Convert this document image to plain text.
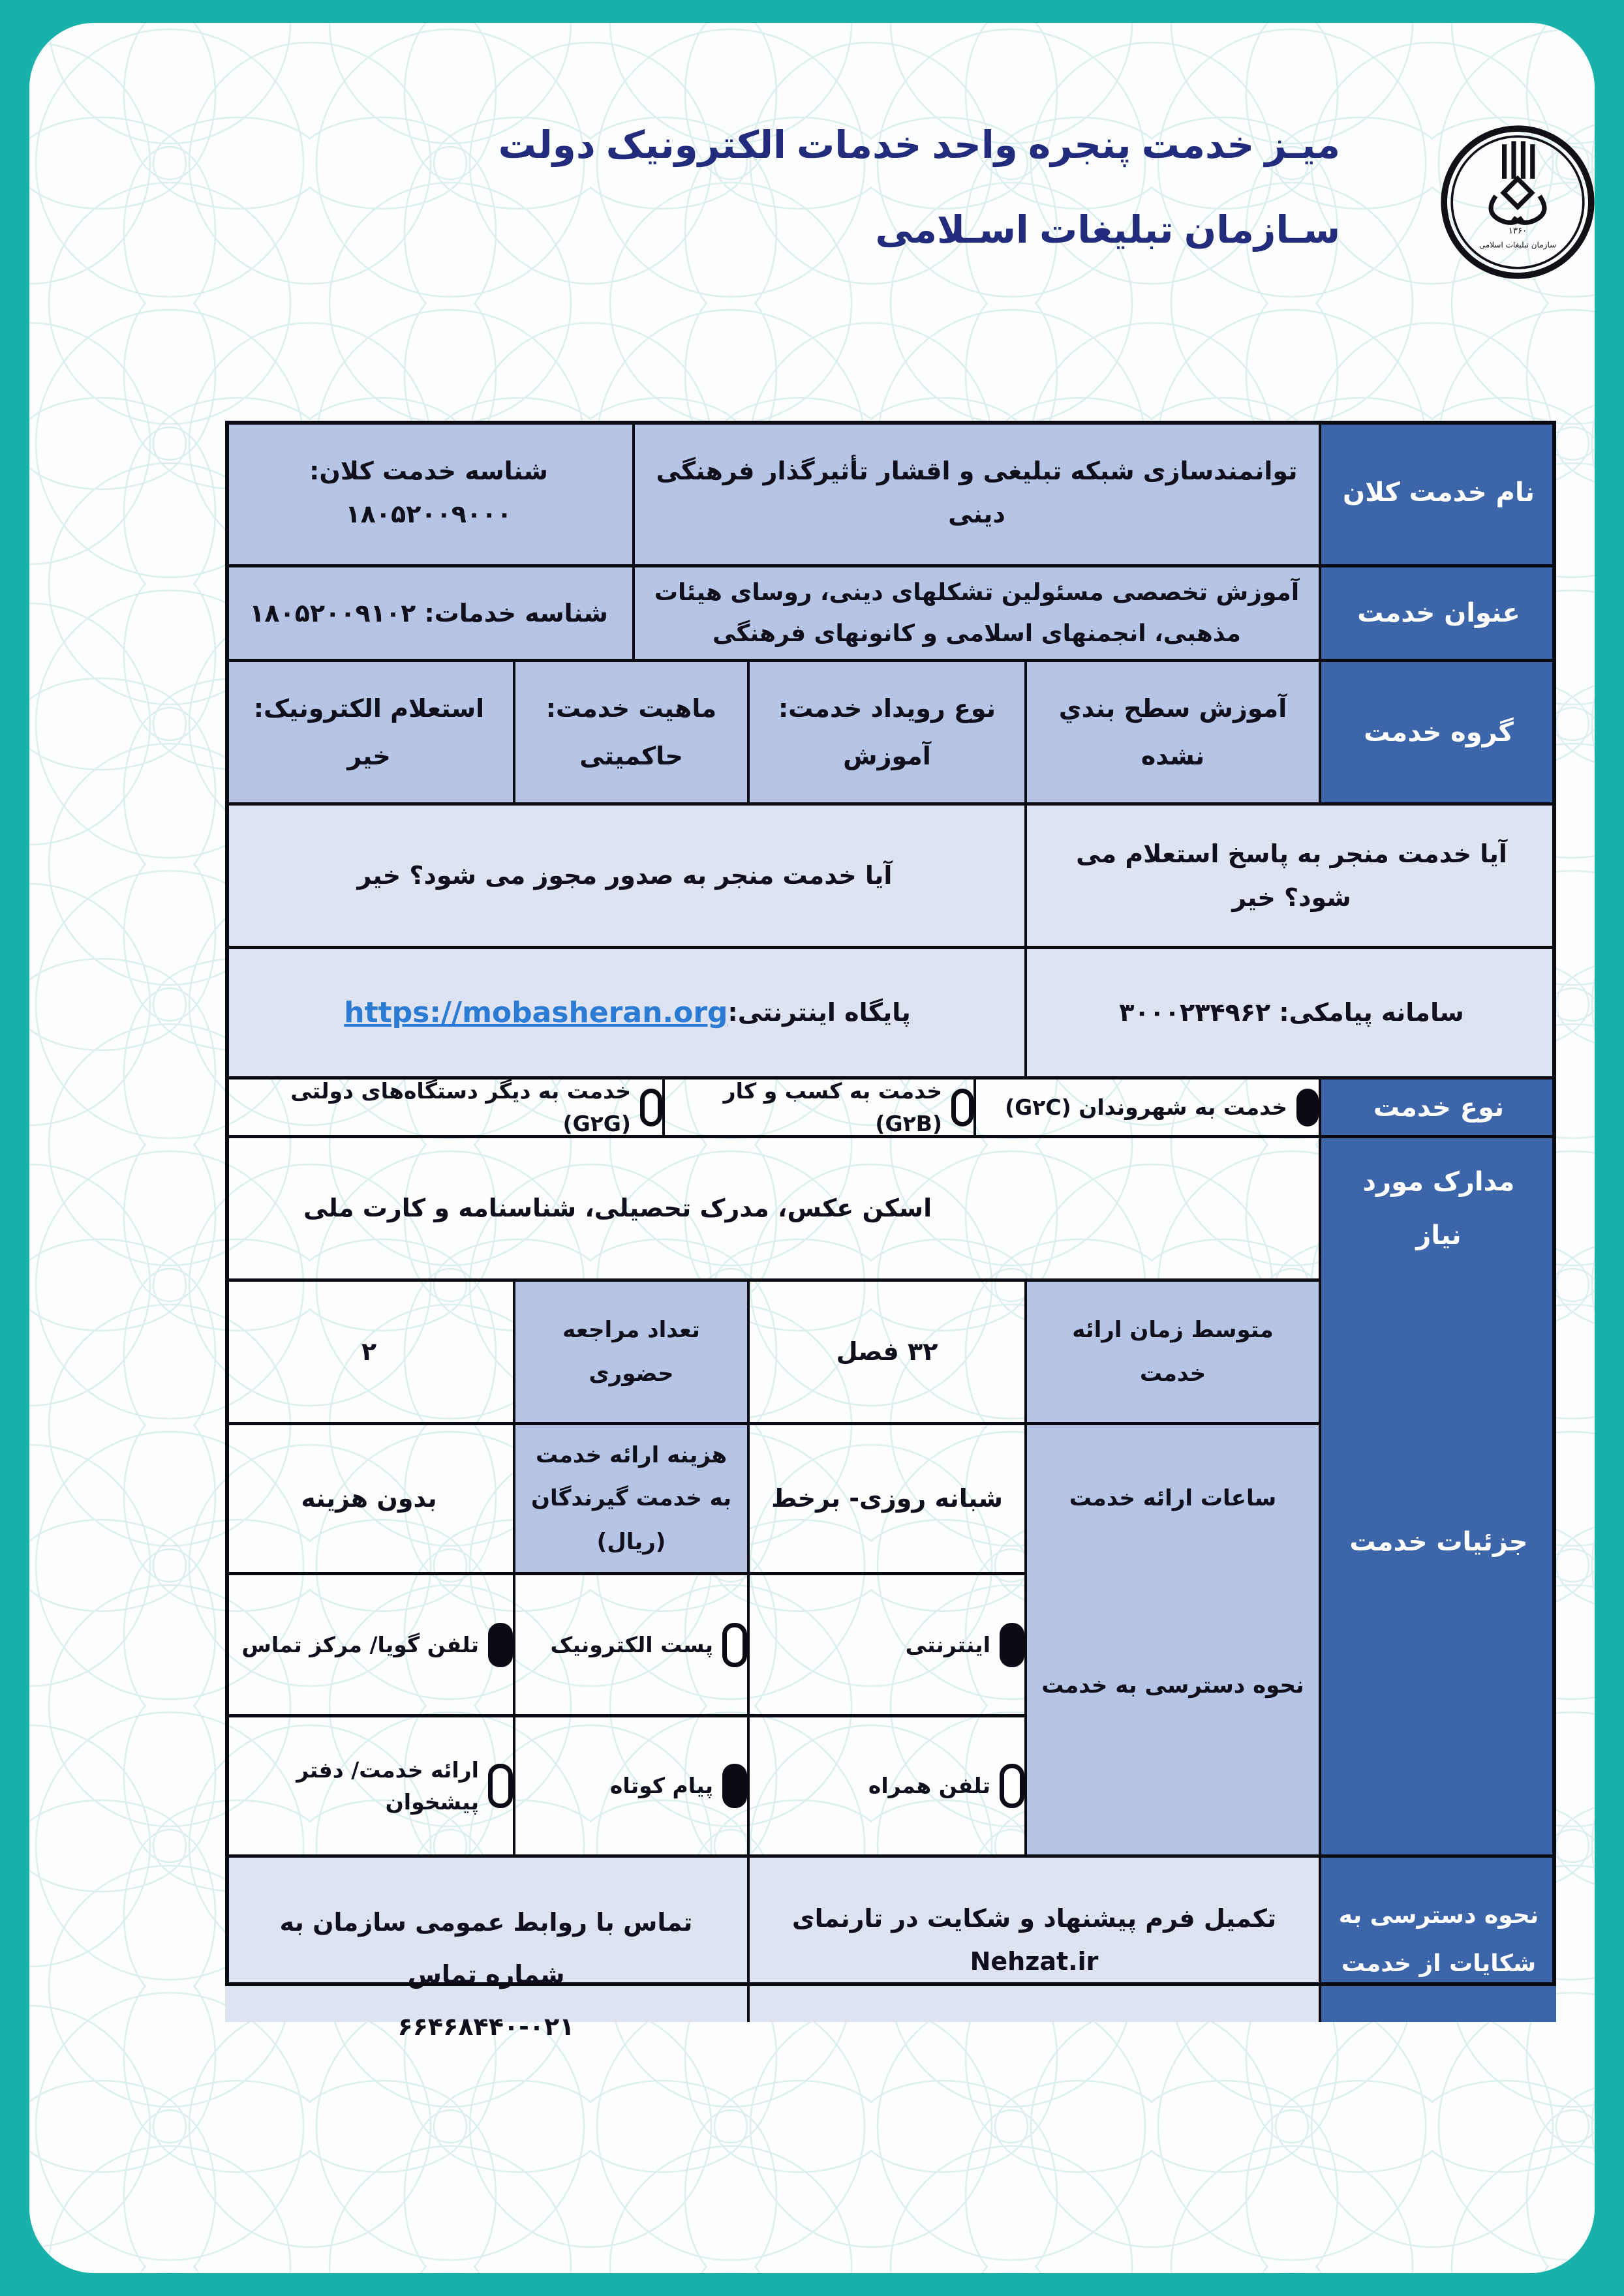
میـز خدمت پنجره واحد خدمات الکترونیک دولت
سـازمان تبلیغات اسـلامی	۱۳۶۰
سازمان تبلیغات اسلامی
نام خدمت کلان
توانمندسازی شبکه تبلیغی و اقشار تأثیرگذار فرهنگی دینی
شناسه خدمت کلان: ۱۸۰۵۲۰۰۹۰۰۰
عنوان خدمت
آموزش تخصصی مسئولین تشکلهای دینی، روسای هیئات مذهبی، انجمنهای اسلامی و کانونهای فرهنگی
شناسه خدمات: ۱۸۰۵۲۰۰۹۱۰۲
گروه خدمت
آموزش سطح بندي نشده
نوع رویداد خدمت: آموزش
ماهیت خدمت: حاکمیتی
استعلام الکترونیک: خیر
آیا خدمت منجر به پاسخ استعلام می شود؟ خیر
آیا خدمت منجر به صدور مجوز می شود؟ خیر
سامانه پیامکی: ۳۰۰۰۲۳۴۹۶۲
پایگاه اینترنتی:
https://mobasheran.org
نوع خدمت
خدمت به شهروندان (G۲C)
خدمت به کسب و کار (G۲B)
خدمت به دیگر دستگاه‌های دولتی (G۲G)
مدارک مورد نیاز
اسکن عکس، مدرک تحصیلی، شناسنامه و کارت ملی
متوسط زمان ارائه خدمت
۳۲ فصل
تعداد مراجعه حضوری
۲
ساعات ارائه خدمت
شبانه روزی- برخط
هزینه ارائه خدمت به خدمت گیرندگان (ریال)
بدون هزینه
اینترنتی
پست الکترونیک
تلفن گویا/ مرکز تماس
تلفن همراه
پیام کوتاه
ارائه خدمت/ دفتر پیشخوان
نحوه دسترسی به شکایات از خدمت
تکمیل فرم پیشنهاد و شکایت در تارنمای Nehzat.ir
تماس با روابط عمومی سازمان به شماره تماس
۶۶۴۶۸۴۴۰-۰۲۱
جزئیات خدمت
نحوه دسترسی به خدمت
